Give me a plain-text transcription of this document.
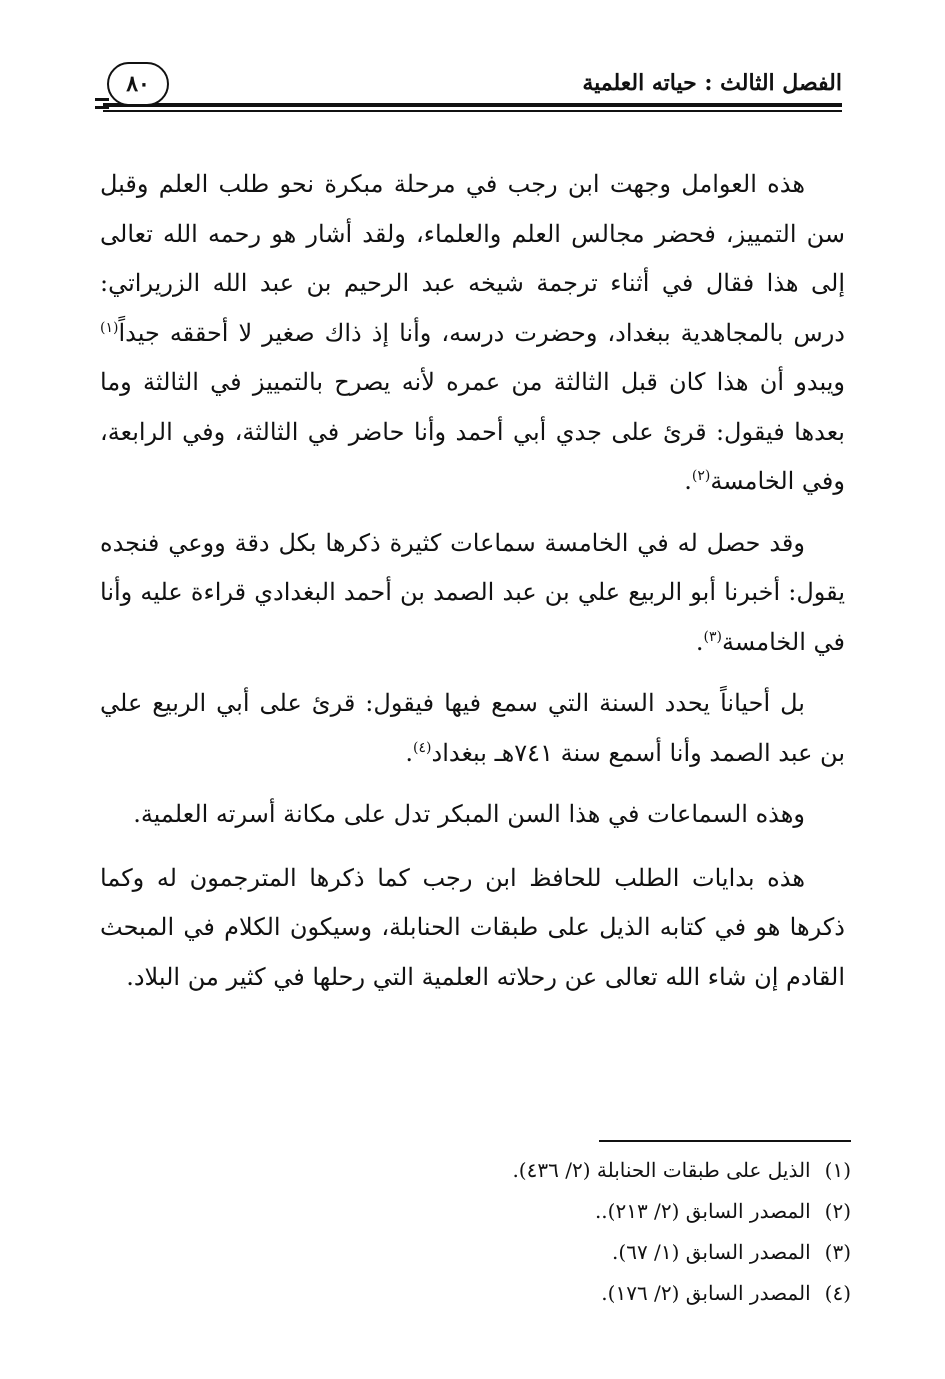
الفصل الثالث : حياته العلمية
٨٠

هذه العوامل وجهت ابن رجب في مرحلة مبكرة نحو طلب العلم وقبل سن التمييز، فحضر مجالس العلم والعلماء، ولقد أشار هو رحمه الله تعالى إلى هذا فقال في أثناء ترجمة شيخه عبد الرحيم بن عبد الله الزريراتي: درس بالمجاهدية ببغداد، وحضرت درسه، وأنا إذ ذاك صغير لا أحققه جيداً$^{(١)}$ ويبدو أن هذا كان قبل الثالثة من عمره لأنه يصرح بالتمييز في الثالثة وما بعدها فيقول: قرئ على جدي أبي أحمد وأنا حاضر في الثالثة، وفي الرابعة، وفي الخامسة$^{(٢)}$.

وقد حصل له في الخامسة سماعات كثيرة ذكرها بكل دقة ووعي فنجده يقول: أخبرنا أبو الربيع علي بن عبد الصمد بن أحمد البغدادي قراءة عليه وأنا في الخامسة$^{(٣)}$.

بل أحياناً يحدد السنة التي سمع فيها فيقول: قرئ على أبي الربيع علي بن عبد الصمد وأنا أسمع سنة ٧٤١هـ ببغداد$^{(٤)}$.

وهذه السماعات في هذا السن المبكر تدل على مكانة أسرته العلمية.

هذه بدايات الطلب للحافظ ابن رجب كما ذكرها المترجمون له وكما ذكرها هو في كتابه الذيل على طبقات الحنابلة، وسيكون الكلام في المبحث القادم إن شاء الله تعالى عن رحلاته العلمية التي رحلها في كثير من البلاد.

(١)
الذيل على طبقات الحنابلة (٢/ ٤٣٦).
(٢)
المصدر السابق (٢/ ٢١٣)..
(٣)
المصدر السابق (١/ ٦٧).
(٤)
المصدر السابق (٢/ ١٧٦).
